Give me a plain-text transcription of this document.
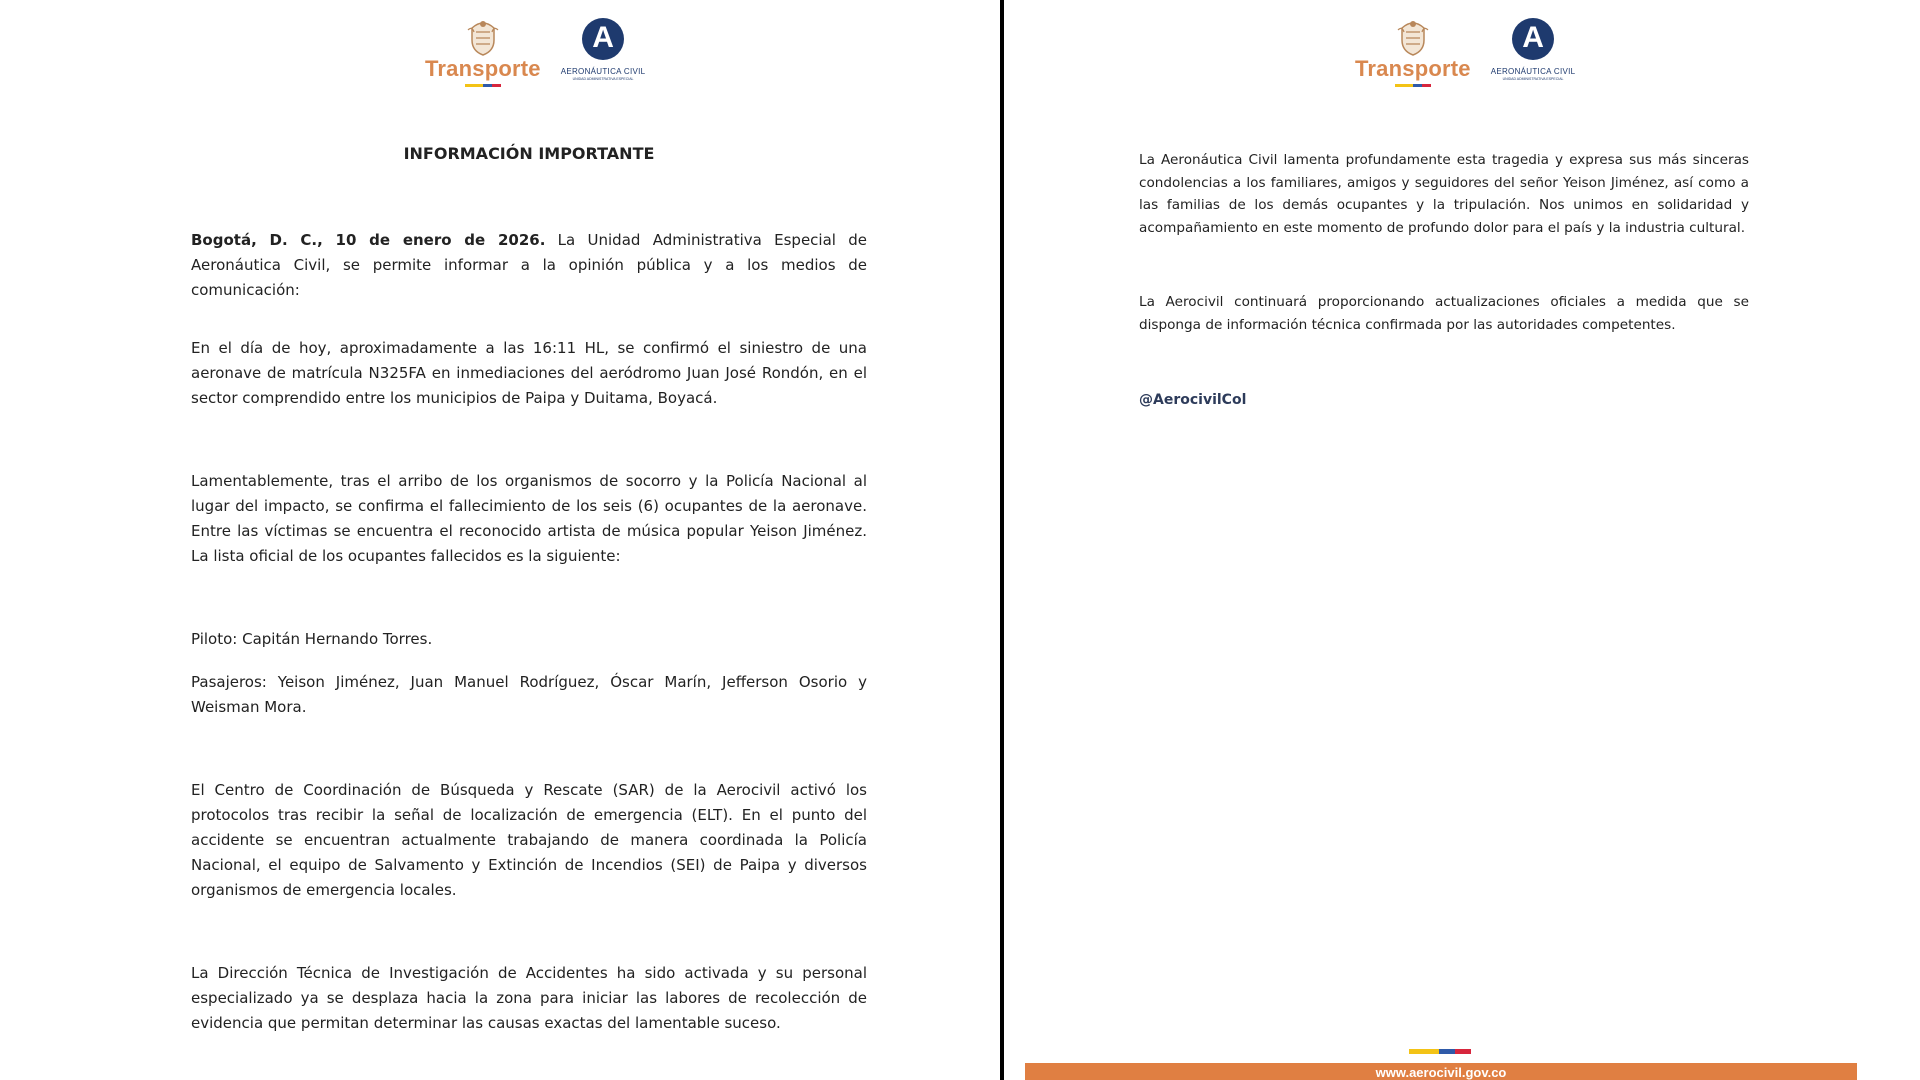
Transporte
A
AERONÁUTICA CIVIL
UNIDAD ADMINISTRATIVA ESPECIAL
INFORMACIÓN IMPORTANTE
Bogotá, D. C., 10 de enero de 2026. La Unidad Administrativa Especial de Aeronáutica Civil, se permite informar a la opinión pública y a los medios de comunicación:
En el día de hoy, aproximadamente a las 16:11 HL, se confirmó el siniestro de una aeronave de matrícula N325FA en inmediaciones del aeródromo Juan José Rondón, en el sector comprendido entre los municipios de Paipa y Duitama, Boyacá.
Lamentablemente, tras el arribo de los organismos de socorro y la Policía Nacional al lugar del impacto, se confirma el fallecimiento de los seis (6) ocupantes de la aeronave. Entre las víctimas se encuentra el reconocido artista de música popular Yeison Jiménez. La lista oficial de los ocupantes fallecidos es la siguiente:
Piloto: Capitán Hernando Torres.
Pasajeros: Yeison Jiménez, Juan Manuel Rodríguez, Óscar Marín, Jefferson Osorio y Weisman Mora.
El Centro de Coordinación de Búsqueda y Rescate (SAR) de la Aerocivil activó los protocolos tras recibir la señal de localización de emergencia (ELT). En el punto del accidente se encuentran actualmente trabajando de manera coordinada la Policía Nacional, el equipo de Salvamento y Extinción de Incendios (SEI) de Paipa y diversos organismos de emergencia locales.
La Dirección Técnica de Investigación de Accidentes ha sido activada y su personal especializado ya se desplaza hacia la zona para iniciar las labores de recolección de evidencia que permitan determinar las causas exactas del lamentable suceso.
Transporte
A
AERONÁUTICA CIVIL
UNIDAD ADMINISTRATIVA ESPECIAL
La Aeronáutica Civil lamenta profundamente esta tragedia y expresa sus más sinceras condolencias a los familiares, amigos y seguidores del señor Yeison Jiménez, así como a las familias de los demás ocupantes y la tripulación. Nos unimos en solidaridad y acompañamiento en este momento de profundo dolor para el país y la industria cultural.
La Aerocivil continuará proporcionando actualizaciones oficiales a medida que se disponga de información técnica confirmada por las autoridades competentes.
@AerocivilCol
www.aerocivil.gov.co
